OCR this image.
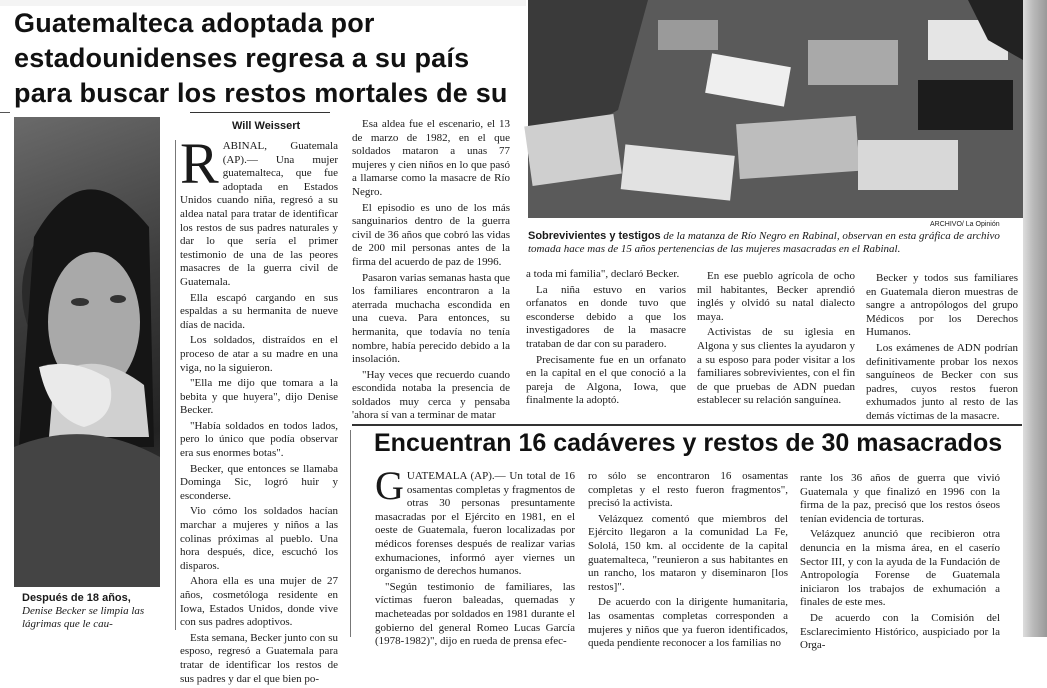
Guatemalteca adoptada por estadounidenses regresa a su país para buscar los restos mortales de su
Will Weissert
Después de 18 años, Denise Becker se limpia las lágrimas que le cau-

RABINAL, Guatemala (AP).— Una mujer guatemalteca, que fue adoptada en Estados Unidos cuando niña, regresó a su aldea natal para tratar de identificar los restos de sus padres naturales y dar lo que sería el primer testimonio de una de las peores masacres de la guerra civil de Guatemala.

Ella escapó cargando en sus espaldas a su hermanita de nueve días de nacida.

Los soldados, distraídos en el proceso de atar a su madre en una viga, no la siguieron.

"Ella me dijo que tomara a la bebita y que huyera", dijo Denise Becker.

"Había soldados en todos lados, pero lo único que podía observar era sus enormes botas".

Becker, que entonces se llamaba Dominga Sic, logró huir y esconderse.

Vio cómo los soldados hacían marchar a mujeres y niños a las colinas próximas al pueblo. Una hora después, dice, escuchó los disparos.

Ahora ella es una mujer de 27 años, cosmetóloga residente en Iowa, Estados Unidos, donde vive con sus padres adoptivos.

Esta semana, Becker junto con su esposo, regresó a Guatemala para tratar de identificar los restos de sus padres y dar el que bien po-

Esa aldea fue el escenario, el 13 de marzo de 1982, en el que soldados mataron a unas 77 mujeres y cien niños en lo que pasó a llamarse como la masacre de Río Negro.

El episodio es uno de los más sanguinarios dentro de la guerra civil de 36 años que cobró las vidas de 200 mil personas antes de la firma del acuerdo de paz de 1996.

Pasaron varias semanas hasta que los familiares encontraron a la aterrada muchacha escondida en una cueva. Para entonces, su hermanita, que todavía no tenía nombre, había perecido debido a la insolación.

"Hay veces que recuerdo cuando escondida notaba la presencia de soldados muy cerca y pensaba 'ahora sí van a terminar de matar

ARCHIVO/ La Opinión
Sobrevivientes y testigos de la matanza de Río Negro en Rabinal, observan en esta gráfica de archivo tomada hace mas de 15 años pertenencias de las mujeres masacradas en el Rabinal.

a toda mi familia", declaró Becker.

La niña estuvo en varios orfanatos en donde tuvo que esconderse debido a que los investigadores de la masacre trataban de dar con su paradero.

Precisamente fue en un orfanato en la capital en el que conoció a la pareja de Algona, Iowa, que finalmente la adoptó.

En ese pueblo agrícola de ocho mil habitantes, Becker aprendió inglés y olvidó su natal dialecto maya.

Activistas de su iglesia en Algona y sus clientes la ayudaron y a su esposo para poder visitar a los familiares sobrevivientes, con el fin de que pruebas de ADN puedan establecer su relación sanguínea.

Becker y todos sus familiares en Guatemala dieron muestras de sangre a antropólogos del grupo Médicos por los Derechos Humanos.

Los exámenes de ADN podrían definitivamente probar los nexos sanguíneos de Becker con sus padres, cuyos restos fueron exhumados junto al resto de las demás víctimas de la masacre.

Encuentran 16 cadáveres y restos de 30 masacrados

GUATEMALA (AP).— Un total de 16 osamentas completas y fragmentos de otras 30 personas presuntamente masacradas por el Ejército en 1981, en el oeste de Guatemala, fueron localizadas por médicos forenses después de realizar varias exhumaciones, informó ayer viernes un organismo de derechos humanos.

"Según testimonio de familiares, las víctimas fueron baleadas, quemadas y macheteadas por soldados en 1981 durante el gobierno del general Romeo Lucas García (1978-1982)", dijo en rueda de prensa efec-

ro sólo se encontraron 16 osamentas completas y el resto fueron fragmentos", precisó la activista.

Velázquez comentó que miembros del Ejército llegaron a la comunidad La Fe, Sololá, 150 km. al occidente de la capital guatemalteca, "reunieron a sus habitantes en un rancho, los mataron y diseminaron [los restos]".

De acuerdo con la dirigente humanitaria, las osamentas completas corresponden a mujeres y niños que ya fueron identificados, queda pendiente reconocer a los familias no

rante los 36 años de guerra que vivió Guatemala y que finalizó en 1996 con la firma de la paz, precisó que los restos óseos tenían evidencia de torturas.

Velázquez anunció que recibieron otra denuncia en la misma área, en el caserío Sector III, y con la ayuda de la Fundación de Antropología Forense de Guatemala iniciaron los trabajos de exhumación a finales de este mes.

De acuerdo con la Comisión del Esclarecimiento Histórico, auspiciado por la Orga-
